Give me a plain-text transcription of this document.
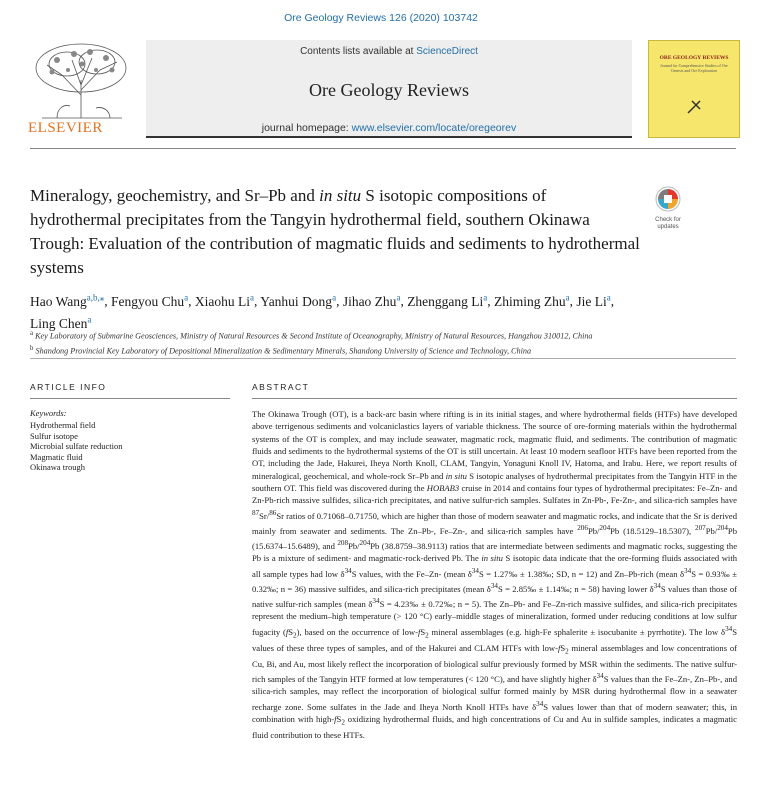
Ore Geology Reviews 126 (2020) 103742
ELSEVIER
Contents lists available at ScienceDirect
Ore Geology Reviews
journal homepage: www.elsevier.com/locate/oregeorev
ORE GEOLOGY REVIEWS
Journal for Comprehensive Studies of Ore Genesis and Ore Exploration
Mineralogy, geochemistry, and Sr–Pb and in situ S isotopic compositions of hydrothermal precipitates from the Tangyin hydrothermal field, southern Okinawa Trough: Evaluation of the contribution of magmatic fluids and sediments to hydrothermal systems
Check for
updates
Hao Wang$^{a,b,⁎}$, Fengyou Chu$^a$, Xiaohu Li$^a$, Yanhui Dong$^a$, Jihao Zhu$^a$, Zhenggang Li$^a$, Zhiming Zhu$^a$, Jie Li$^a$, Ling Chen$^a$
$^a$ Key Laboratory of Submarine Geosciences, Ministry of Natural Resources & Second Institute of Oceanography, Ministry of Natural Resources, Hangzhou 310012, China
$^b$ Shandong Provincial Key Laboratory of Depositional Mineralization & Sedimentary Minerals, Shandong University of Science and Technology, China
ARTICLE INFO
Keywords:
Hydrothermal field
Sulfur isotope
Microbial sulfate reduction
Magmatic fluid
Okinawa trough
ABSTRACT

The Okinawa Trough (OT), is a back-arc basin where rifting is in its initial stages, and where hydrothermal fields (HTFs) have developed above terrigenous sediments and volcaniclastics layers of variable thickness. The source of ore-forming materials within the hydrothermal systems of the OT is complex, and may include seawater, magmatic rock, magmatic fluid, and sediments. The contribution of magmatic fluids and sediments to the hydrothermal systems of the OT is still uncertain. At least 10 modern seafloor HTFs have been reported from the OT, including the Jade, Hakurei, Iheya North Knoll, CLAM, Tangyin, Yonaguni Knoll IV, Hatoma, and Irabu. Here, we report results of mineralogical, geochemical, and whole-rock Sr–Pb and in situ S isotopic analyses of hydrothermal precipitates from the Tangyin HTF in the southern OT. This field was discovered during the HOBAB3 cruise in 2014 and contains four types of hydrothermal precipitates: Fe–Zn- and Zn-Pb-rich massive sulfides, silica-rich precipitates, and native sulfur-rich samples. Sulfates in Zn-Pb-, Fe-Zn-, and silica-rich samples have $^{87}$Sr/$^{86}$Sr ratios of 0.71068–0.71750, which are higher than those of modern seawater and magmatic rocks, and indicate that the Sr is derived mainly from seawater and sediments. The Zn–Pb-, Fe–Zn-, and silica-rich samples have $^{206}$Pb/$^{204}$Pb (18.5129–18.5307), $^{207}$Pb/$^{204}$Pb (15.6374–15.6489), and $^{208}$Pb/$^{204}$Pb (38.8759–38.9113) ratios that are intermediate between sediments and magmatic rocks, suggesting the Pb is a mixture of sediment- and magmatic-rock-derived Pb. The in situ S isotopic data indicate that the ore-forming fluids associated with all sample types had low $\delta^{34}S$ values, with the Fe–Zn- (mean $\delta^{34}S$ = 1.27‰ ± 1.38‰; SD, n = 12) and Zn–Pb-rich (mean $\delta^{34}S$ = 0.93‰ ± 0.32‰; n = 36) massive sulfides, and silica-rich precipitates (mean $\delta^{34}S$ = 2.85‰ ± 1.14‰; n = 58) having lower $\delta^{34}S$ values than those of native sulfur-rich samples (mean $\delta^{34}S$ = 4.23‰ ± 0.72‰; n = 5). The Zn–Pb- and Fe–Zn-rich massive sulfides, and silica-rich precipitates represent the medium–high temperature (> 120 °C) early–middle stages of mineralization, formed under reducing conditions at low sulfur fugacity $(fS_2)$, based on the occurrence of low-$fS_2$ mineral assemblages (e.g. high-Fe sphalerite ± isocubanite ± pyrrhotite). The low $\delta^{34}S$ values of these three types of samples, and of the Hakurei and CLAM HTFs with low-$fS_2$ mineral assemblages and low concentrations of Cu, Bi, and Au, most likely reflect the incorporation of biological sulfur previously formed by MSR within the sediments. The native sulfur-rich samples of the Tangyin HTF formed at low temperatures (< 120 °C), and have slightly higher $\delta^{34}S$ values than the Fe–Zn-, Zn–Pb-, and silica-rich samples, may reflect the incorporation of biological sulfur formed mainly by MSR during hydrothermal flow in a seawater recharge zone. Some sulfates in the Jade and Iheya North Knoll HTFs have $\delta^{34}S$ values lower than that of modern seawater; this, in combination with high-$fS_2$ oxidizing hydrothermal fluids, and high concentrations of Cu and Au in sulfide samples, indicates a magmatic fluid contribution to these HTFs.
